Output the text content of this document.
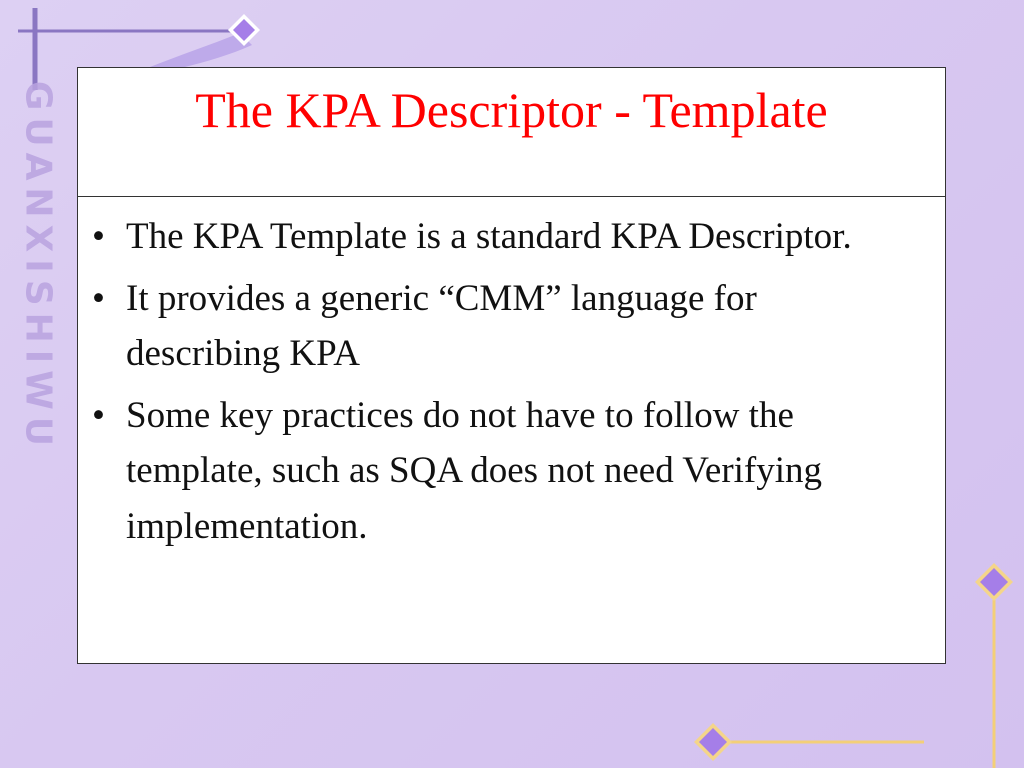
GUANXISHIWU	The KPA Descriptor - Template
• The KPA Template is a standard KPA Descriptor.
• It provides a generic “CMM” language for describing KPA
• Some key practices do not have to follow the template, such as SQA does not need Verifying implementation.
